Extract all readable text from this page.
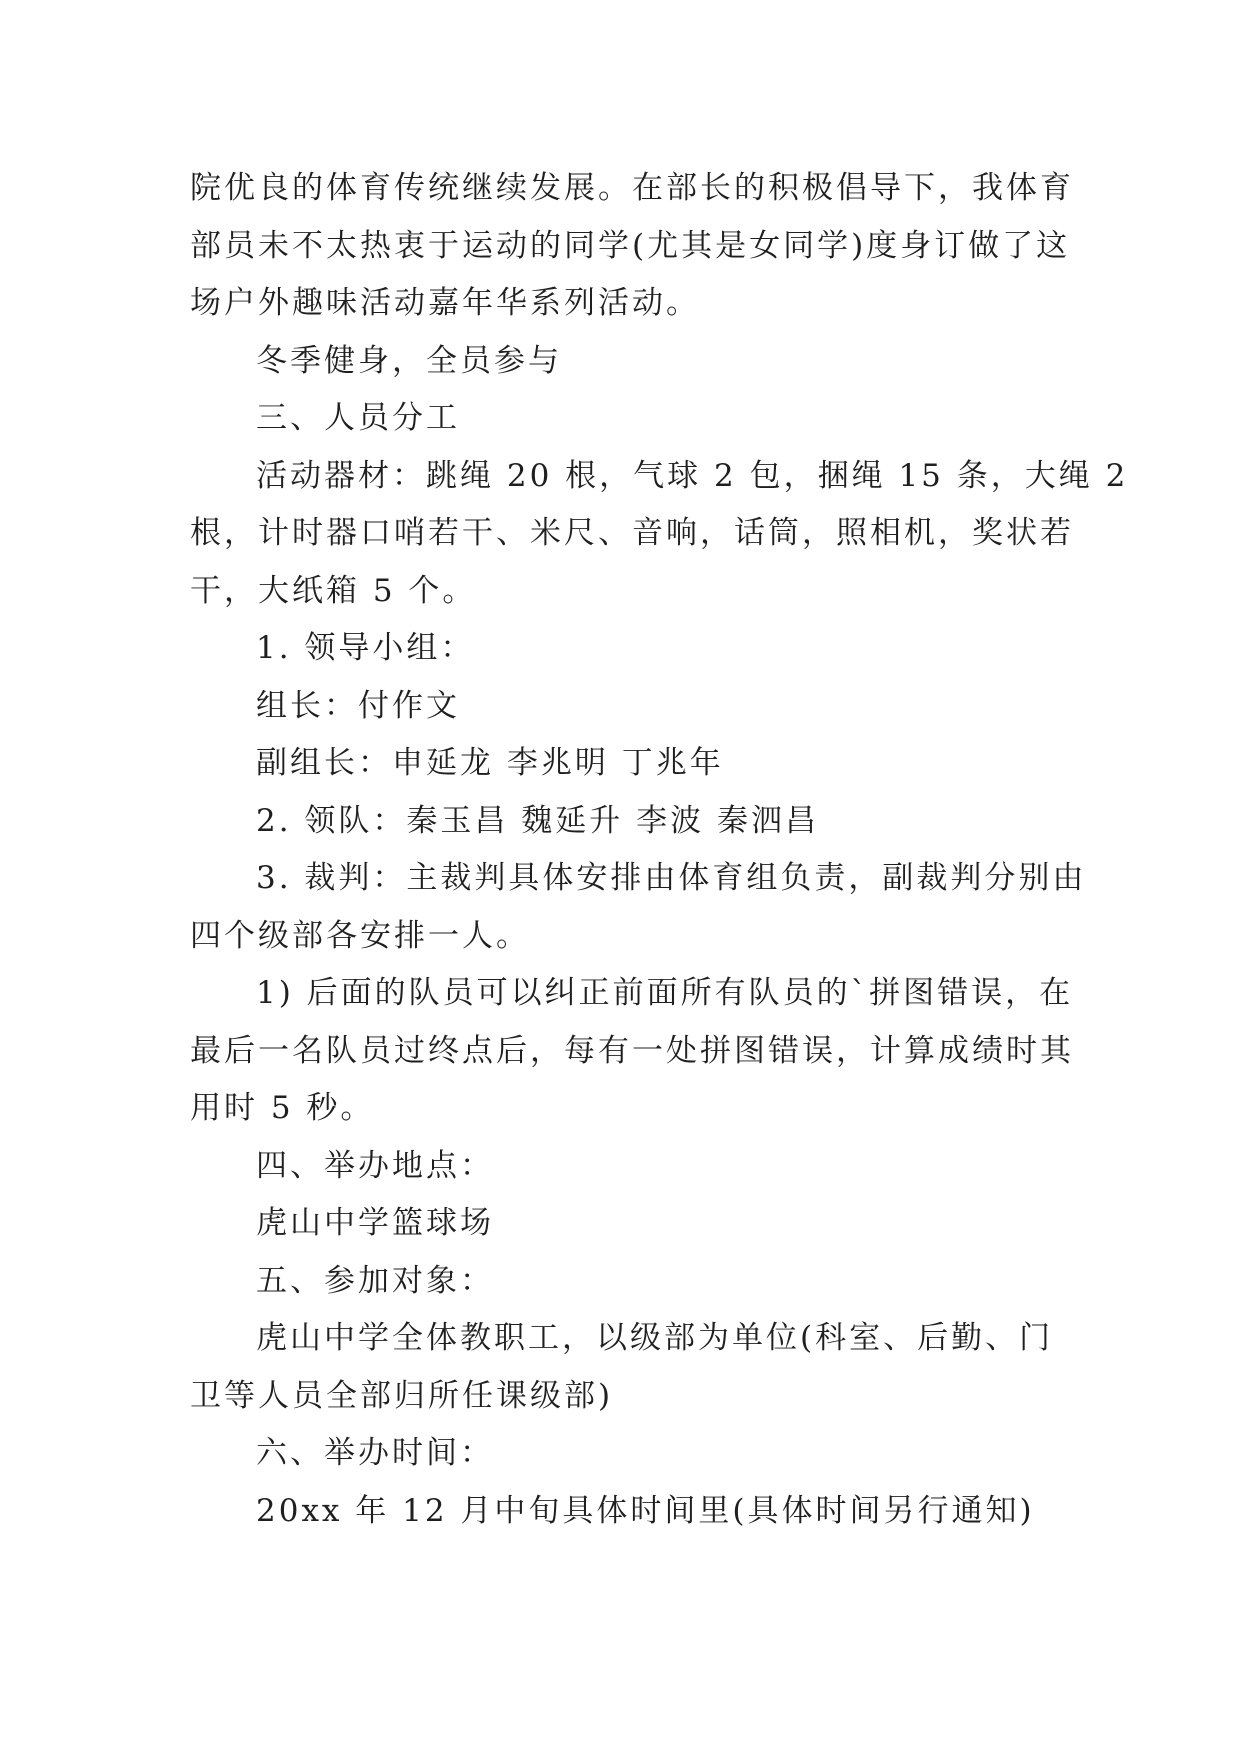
院优良的体育传统继续发展。在部长的积极倡导下，我体育
部员未不太热衷于运动的同学(尤其是女同学)度身订做了这
场户外趣味活动嘉年华系列活动。
冬季健身，全员参与
三、人员分工
活动器材：跳绳 20 根，气球 2 包，捆绳 15 条，大绳 2
根，计时器口哨若干、米尺、音响，话筒，照相机，奖状若
干，大纸箱 5 个。
1. 领导小组：
组长：付作文
副组长：申延龙 李兆明 丁兆年
2. 领队：秦玉昌 魏延升 李波 秦泗昌
3. 裁判：主裁判具体安排由体育组负责，副裁判分别由
四个级部各安排一人。
1) 后面的队员可以纠正前面所有队员的`拼图错误，在
最后一名队员过终点后，每有一处拼图错误，计算成绩时其
用时 5 秒。
四、举办地点：
虎山中学篮球场
五、参加对象：
虎山中学全体教职工，以级部为单位(科室、后勤、门
卫等人员全部归所任课级部)
六、举办时间：
20xx 年 12 月中旬具体时间里(具体时间另行通知)
